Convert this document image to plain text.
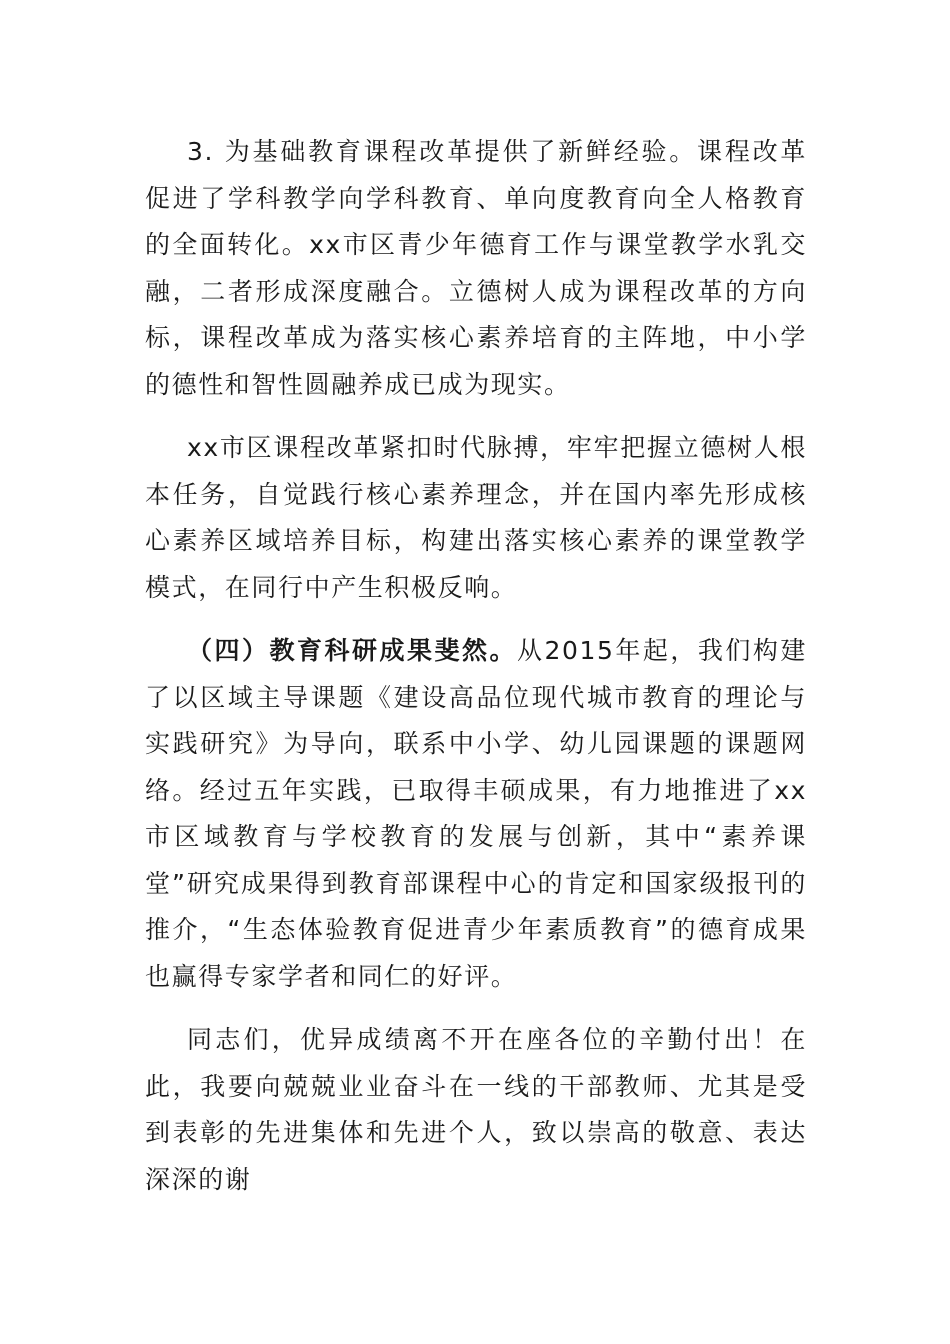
3. 为基础教育课程改革提供了新鲜经验。课程改革促进了学科教学向学科教育、单向度教育向全人格教育的全面转化。xx市区青少年德育工作与课堂教学水乳交融，二者形成深度融合。立德树人成为课程改革的方向标，课程改革成为落实核心素养培育的主阵地，中小学的德性和智性圆融养成已成为现实。

xx市区课程改革紧扣时代脉搏，牢牢把握立德树人根本任务，自觉践行核心素养理念，并在国内率先形成核心素养区域培养目标，构建出落实核心素养的课堂教学模式，在同行中产生积极反响。

（四）教育科研成果斐然。从2015年起，我们构建了以区域主导课题《建设高品位现代城市教育的理论与实践研究》为导向，联系中小学、幼儿园课题的课题网络。经过五年实践，已取得丰硕成果，有力地推进了xx市区域教育与学校教育的发展与创新，其中“素养课堂”研究成果得到教育部课程中心的肯定和国家级报刊的推介，“生态体验教育促进青少年素质教育”的德育成果也赢得专家学者和同仁的好评。

同志们，优异成绩离不开在座各位的辛勤付出！在此，我要向兢兢业业奋斗在一线的干部教师、尤其是受到表彰的先进集体和先进个人，致以崇高的敬意、表达深深的谢
